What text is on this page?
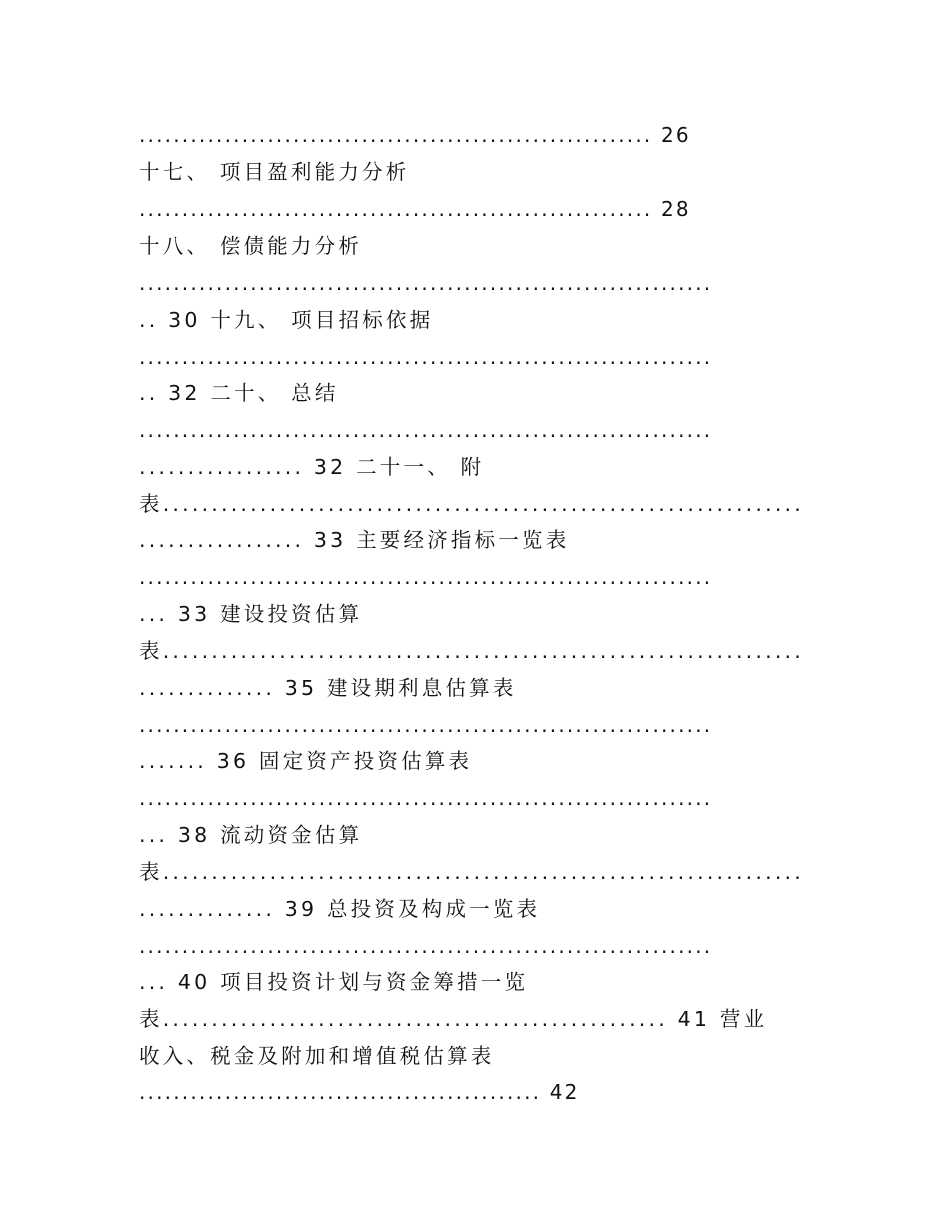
............................................................ 26
十七、 项目盈利能力分析
............................................................ 28
十八、 偿债能力分析
...................................................................
.. 30 十九、 项目招标依据
...................................................................
.. 32 二十、 总结
...................................................................
................. 32 二十一、 附
表..................................................................
................. 33 主要经济指标一览表
...................................................................
... 33 建设投资估算
表..................................................................
.............. 35 建设期利息估算表
...................................................................
....... 36 固定资产投资估算表
...................................................................
... 38 流动资金估算
表..................................................................
.............. 39 总投资及构成一览表
...................................................................
... 40 项目投资计划与资金筹措一览
表.................................................... 41 营业
收入、税金及附加和增值税估算表
............................................... 42
